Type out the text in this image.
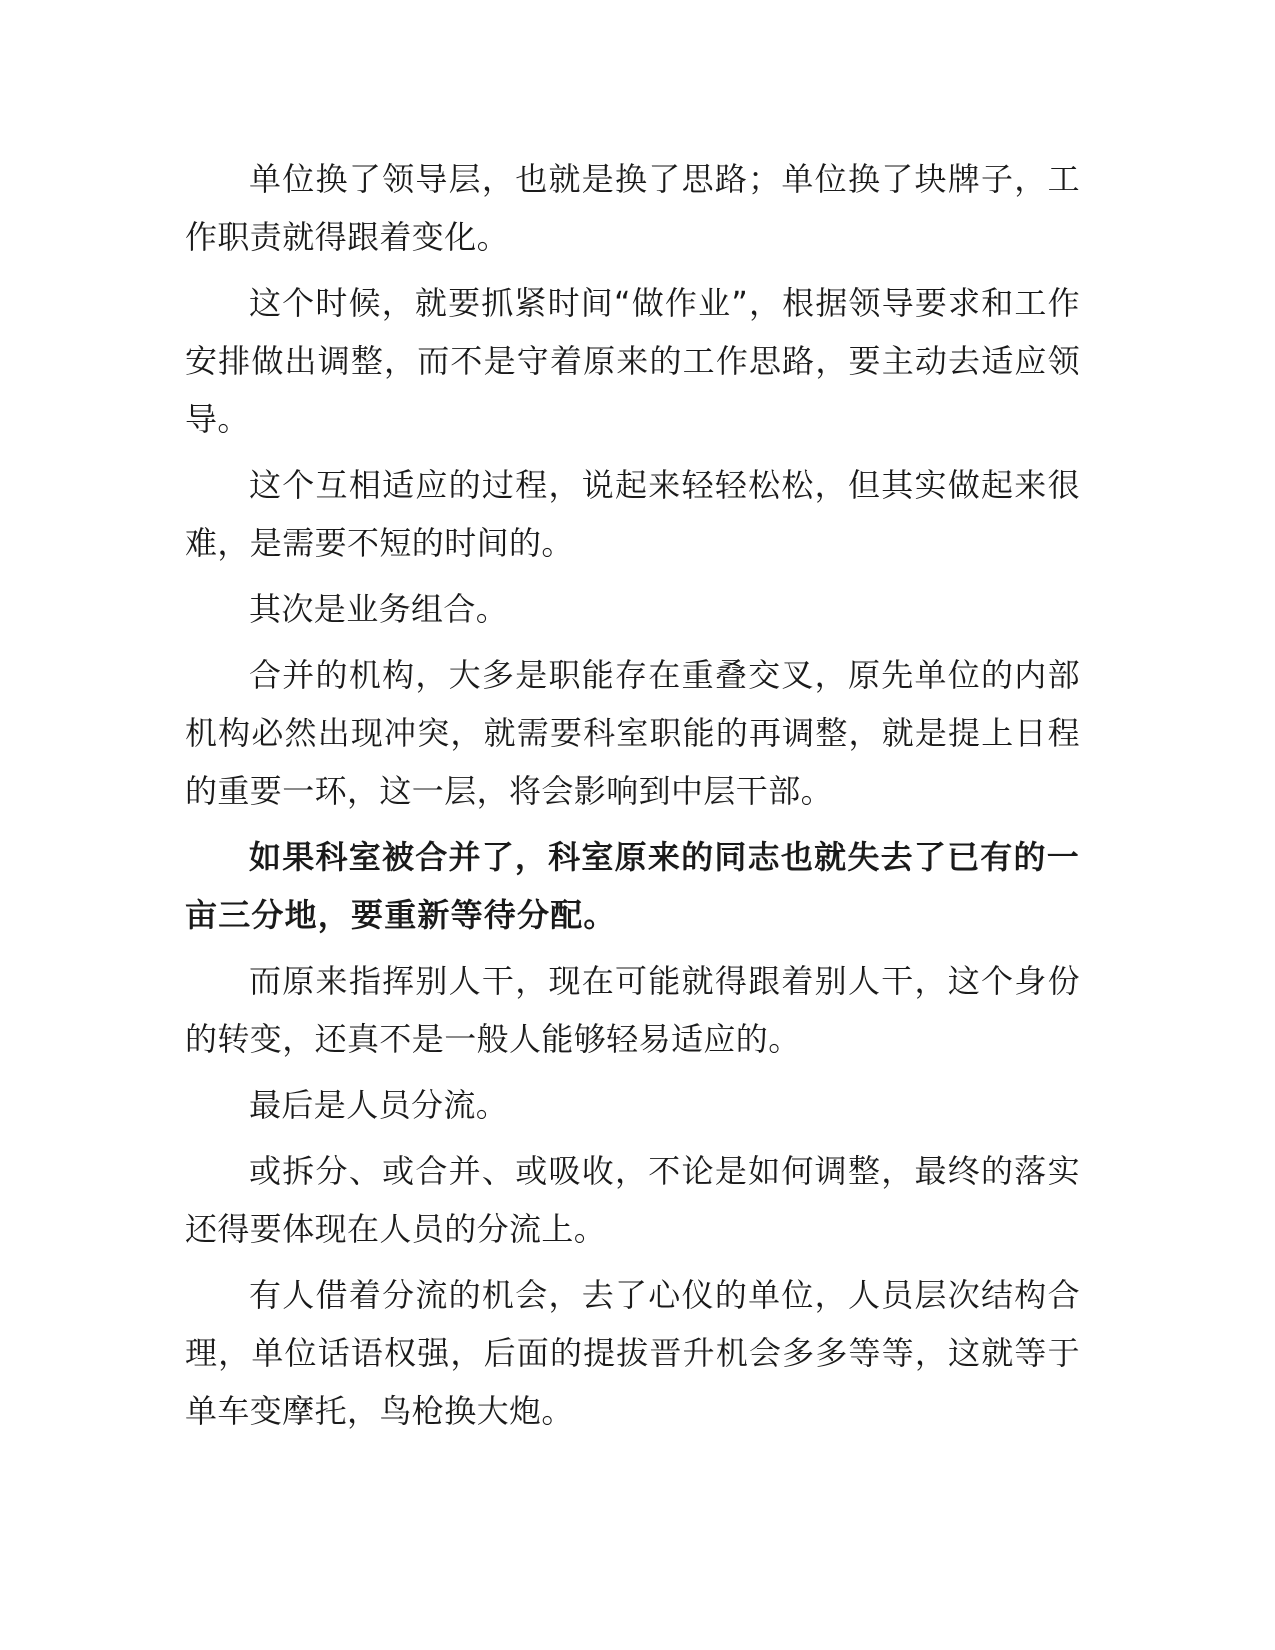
单位换了领导层，也就是换了思路；单位换了块牌子，工作职责就得跟着变化。

这个时候，就要抓紧时间“做作业”，根据领导要求和工作安排做出调整，而不是守着原来的工作思路，要主动去适应领导。

这个互相适应的过程，说起来轻轻松松，但其实做起来很难，是需要不短的时间的。

其次是业务组合。

合并的机构，大多是职能存在重叠交叉，原先单位的内部机构必然出现冲突，就需要科室职能的再调整，就是提上日程的重要一环，这一层，将会影响到中层干部。

如果科室被合并了，科室原来的同志也就失去了已有的一亩三分地，要重新等待分配。

而原来指挥别人干，现在可能就得跟着别人干，这个身份的转变，还真不是一般人能够轻易适应的。

最后是人员分流。

或拆分、或合并、或吸收，不论是如何调整，最终的落实还得要体现在人员的分流上。

有人借着分流的机会，去了心仪的单位，人员层次结构合理，单位话语权强，后面的提拔晋升机会多多等等，这就等于单车变摩托，鸟枪换大炮。
